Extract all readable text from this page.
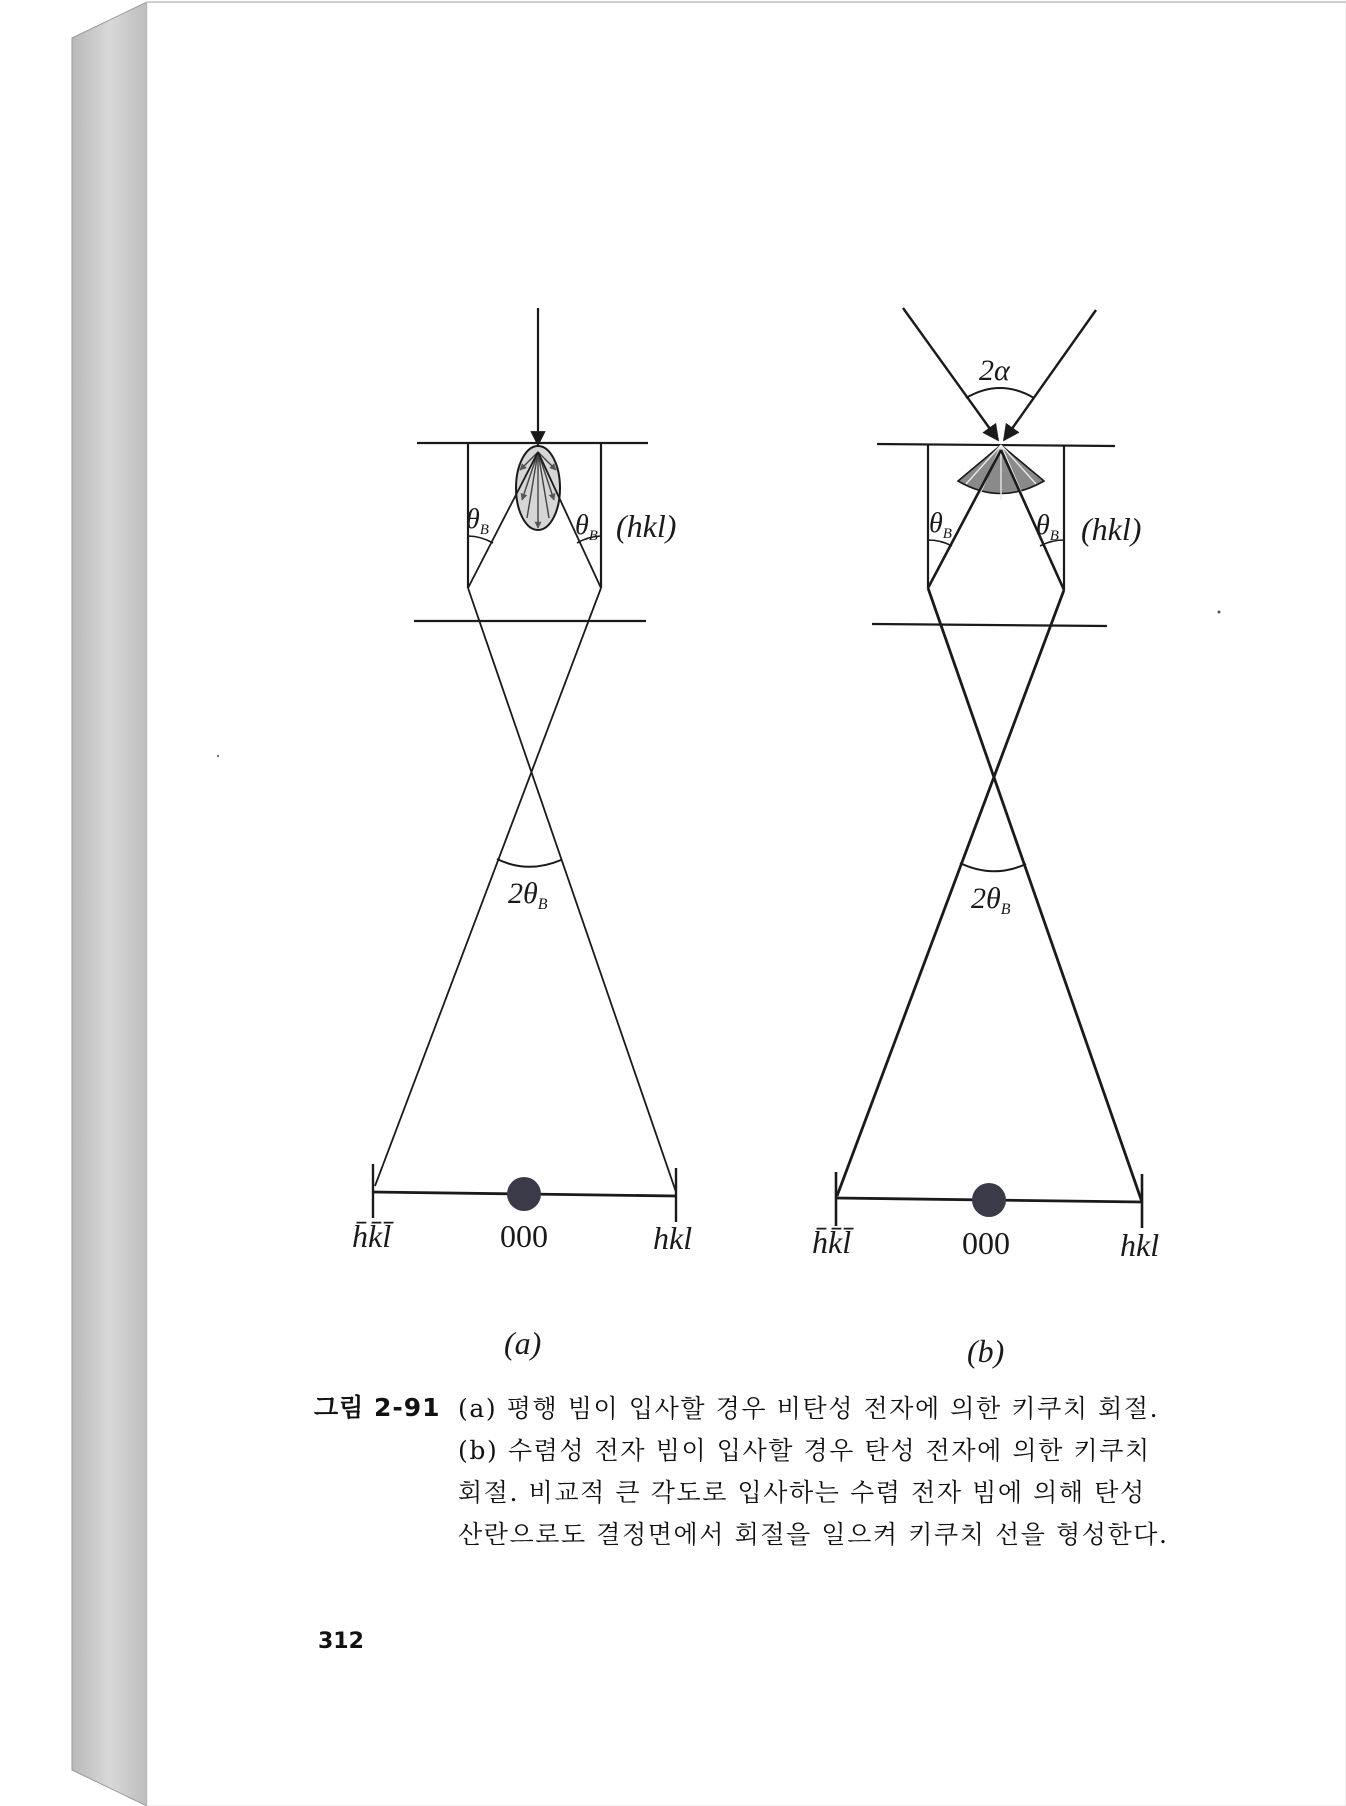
$\theta_B$	$\theta_B$ (hkl)
$2\theta_B$
h̄k̄l̄	000	hkl
(a)
2α
$\theta_B$	$\theta_B$ (hkl)
$2\theta_B$
h̄k̄l̄	000	hkl
(b)
그림 2-91 (a) 평행 빔이 입사할 경우 비탄성 전자에 의한 키쿠치 회절.
(b) 수렴성 전자 빔이 입사할 경우 탄성 전자에 의한 키쿠치
회절. 비교적 큰 각도로 입사하는 수렴 전자 빔에 의해 탄성
산란으로도 결정면에서 회절을 일으켜 키쿠치 선을 형성한다.
312
